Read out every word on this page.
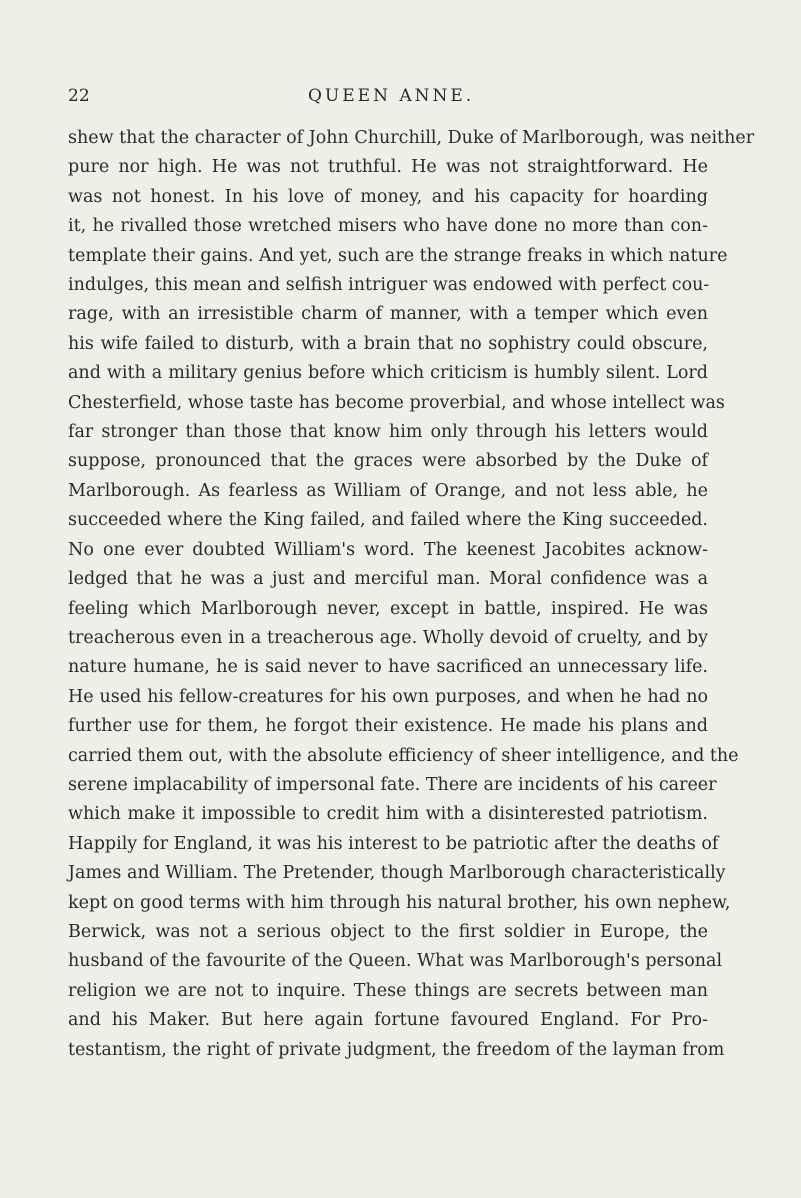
22	QUEEN ANNE.
shew that the character of John Churchill, Duke of Marlborough, was neither
pure nor high. He was not truthful. He was not straightforward. He
was not honest. In his love of money, and his capacity for hoarding
it, he rivalled those wretched misers who have done no more than con-
template their gains. And yet, such are the strange freaks in which nature
indulges, this mean and selfish intriguer was endowed with perfect cou-
rage, with an irresistible charm of manner, with a temper which even
his wife failed to disturb, with a brain that no sophistry could obscure,
and with a military genius before which criticism is humbly silent. Lord
Chesterfield, whose taste has become proverbial, and whose intellect was
far stronger than those that know him only through his letters would
suppose, pronounced that the graces were absorbed by the Duke of
Marlborough. As fearless as William of Orange, and not less able, he
succeeded where the King failed, and failed where the King succeeded.
No one ever doubted William's word. The keenest Jacobites acknow-
ledged that he was a just and merciful man. Moral confidence was a
feeling which Marlborough never, except in battle, inspired. He was
treacherous even in a treacherous age. Wholly devoid of cruelty, and by
nature humane, he is said never to have sacrificed an unnecessary life.
He used his fellow-creatures for his own purposes, and when he had no
further use for them, he forgot their existence. He made his plans and
carried them out, with the absolute efficiency of sheer intelligence, and the
serene implacability of impersonal fate. There are incidents of his career
which make it impossible to credit him with a disinterested patriotism.
Happily for England, it was his interest to be patriotic after the deaths of
James and William. The Pretender, though Marlborough characteristically
kept on good terms with him through his natural brother, his own nephew,
Berwick, was not a serious object to the first soldier in Europe, the
husband of the favourite of the Queen. What was Marlborough's personal
religion we are not to inquire. These things are secrets between man
and his Maker. But here again fortune favoured England. For Pro-
testantism, the right of private judgment, the freedom of the layman from
